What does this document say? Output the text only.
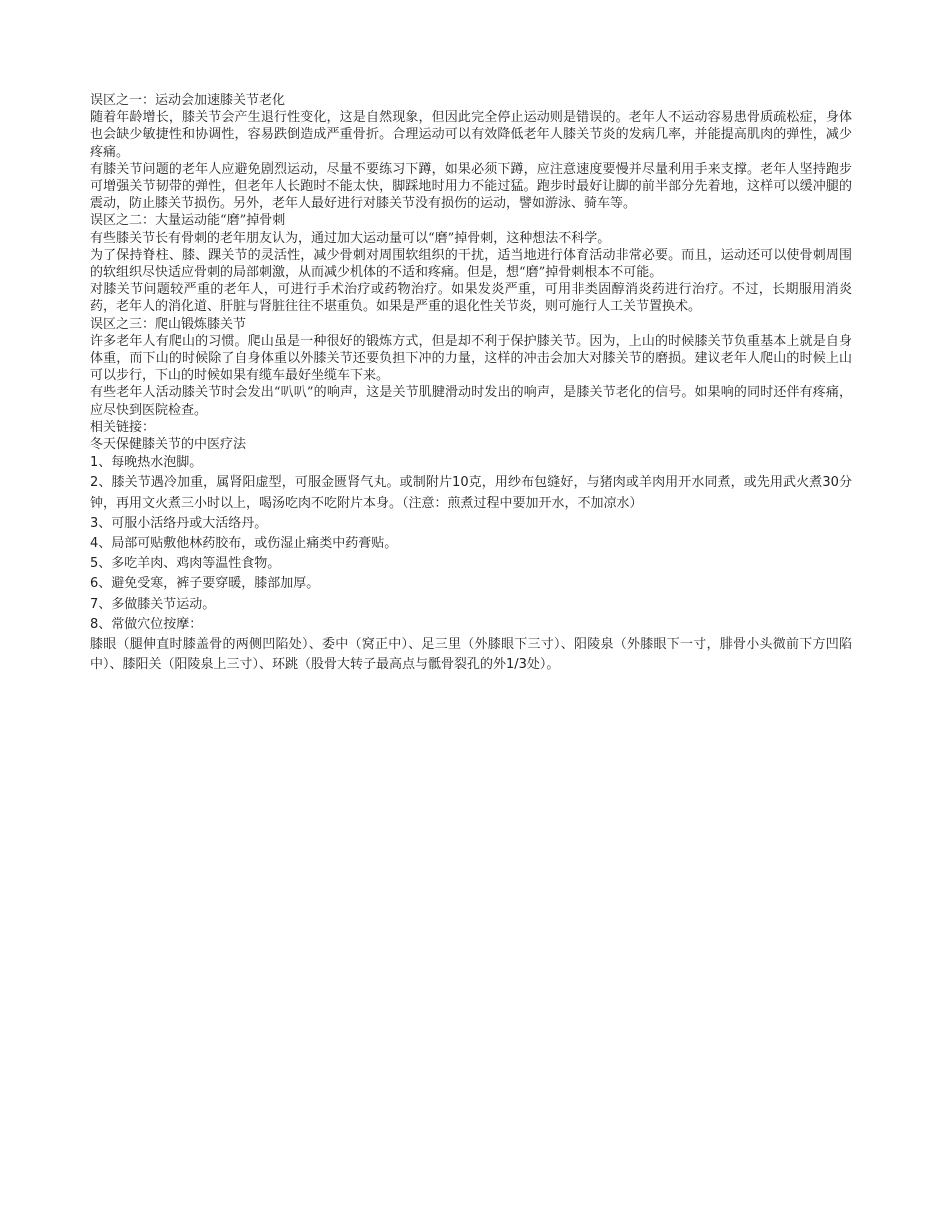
误区之一：运动会加速膝关节老化

随着年龄增长，膝关节会产生退行性变化，这是自然现象，但因此完全停止运动则是错误的。老年人不运动容易患骨质疏松症，身体也会缺少敏捷性和协调性，容易跌倒造成严重骨折。合理运动可以有效降低老年人膝关节炎的发病几率，并能提高肌肉的弹性，减少疼痛。

有膝关节问题的老年人应避免剧烈运动，尽量不要练习下蹲，如果必须下蹲，应注意速度要慢并尽量利用手来支撑。老年人坚持跑步可增强关节韧带的弹性，但老年人长跑时不能太快，脚踩地时用力不能过猛。跑步时最好让脚的前半部分先着地，这样可以缓冲腿的震动，防止膝关节损伤。另外，老年人最好进行对膝关节没有损伤的运动，譬如游泳、骑车等。

误区之二：大量运动能“磨”掉骨刺

有些膝关节长有骨刺的老年朋友认为，通过加大运动量可以“磨”掉骨刺，这种想法不科学。

为了保持脊柱、膝、踝关节的灵活性，减少骨刺对周围软组织的干扰，适当地进行体育活动非常必要。而且，运动还可以使骨刺周围的软组织尽快适应骨刺的局部刺激，从而减少机体的不适和疼痛。但是，想“磨”掉骨刺根本不可能。

对膝关节问题较严重的老年人，可进行手术治疗或药物治疗。如果发炎严重，可用非类固醇消炎药进行治疗。不过，长期服用消炎药，老年人的消化道、肝脏与肾脏往往不堪重负。如果是严重的退化性关节炎，则可施行人工关节置换术。

误区之三：爬山锻炼膝关节

许多老年人有爬山的习惯。爬山虽是一种很好的锻炼方式，但是却不利于保护膝关节。因为，上山的时候膝关节负重基本上就是自身体重，而下山的时候除了自身体重以外膝关节还要负担下冲的力量，这样的冲击会加大对膝关节的磨损。建议老年人爬山的时候上山可以步行，下山的时候如果有缆车最好坐缆车下来。

有些老年人活动膝关节时会发出“叭叭”的响声，这是关节肌腱滑动时发出的响声，是膝关节老化的信号。如果响的同时还伴有疼痛，应尽快到医院检查。

相关链接：

冬天保健膝关节的中医疗法

1、每晚热水泡脚。

2、膝关节遇冷加重，属肾阳虚型，可服金匮肾气丸。或制附片10克，用纱布包缝好，与猪肉或羊肉用开水同煮，或先用武火煮30分钟，再用文火煮三小时以上，喝汤吃肉不吃附片本身。（注意：煎煮过程中要加开水，不加凉水）

3、可服小活络丹或大活络丹。

4、局部可贴敷他林药胶布，或伤湿止痛类中药膏贴。

5、多吃羊肉、鸡肉等温性食物。

6、避免受寒，裤子要穿暖，膝部加厚。

7、多做膝关节运动。

8、常做穴位按摩：

膝眼（腿伸直时膝盖骨的两侧凹陷处）、委中（窝正中）、足三里（外膝眼下三寸）、阳陵泉（外膝眼下一寸，腓骨小头微前下方凹陷中）、膝阳关（阳陵泉上三寸）、环跳（股骨大转子最高点与骶骨裂孔的外1/3处）。
